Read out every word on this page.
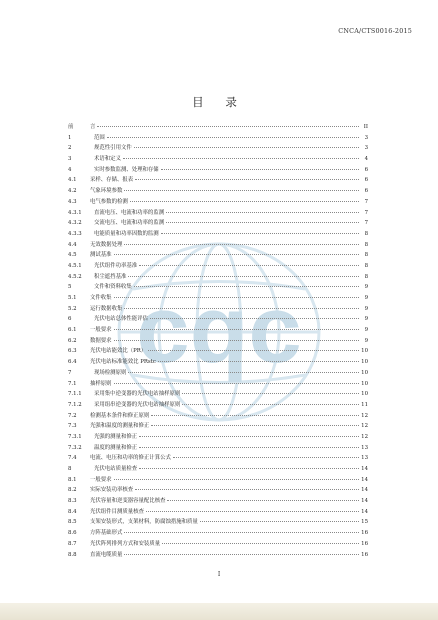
CNCA/CTS0016-2015
cqc
目 录
前	言	II
1	范围	3
2	规范性引用文件	3
3	术语和定义	4
4	实时参数监测、处理和存储	6
4.1	采样、存储、报表	6
4.2	气象环境参数	6
4.3	电气参数的检测	7
4.3.1	直流电压、电流和功率的监测	7
4.3.2	交流电压、电流和功率的监测	7
4.3.3	电能质量和功率因数的监测	8
4.4	无效数据处理	8
4.5	测试基准	8
4.5.1	光伏组件功率基准	8
4.5.2	积尘遮挡基准	8
5	文件和资料收集	9
5.1	文件收集	9
5.2	运行数据收集	9
6	光伏电站总体性能评估	9
6.1	一般要求	9
6.2	数据要求	9
6.3	光伏电站能效比（PR）	10
6.4	光伏电站标准能效比 PRstc	10
7	现场检测原则	10
7.1	抽样原则	10
7.1.1	采用集中逆变器的光伏电站抽样原则	10
7.1.2	采用组串逆变器的光伏电站抽样原则	11
7.2	检测基本条件和修正原则	12
7.3	光强和温度的测量和修正	12
7.3.1	光强的测量和修正	12
7.3.2	温度的测量和修正	13
7.4	电流、电压和功率的修正计算公式	13
8	光伏电站质量检查	14
8.1	一般要求	14
8.2	实际安装功率核查	14
8.3	光伏容量和逆变器容量配比核查	14
8.4	光伏组件目测质量核查	14
8.5	支架安装形式，支架材料，防腐蚀措施和质量	15
8.6	方阵基础形式	16
8.7	光伏阵列排列方式和安装质量	16
8.8	直流电缆质量	16
I
